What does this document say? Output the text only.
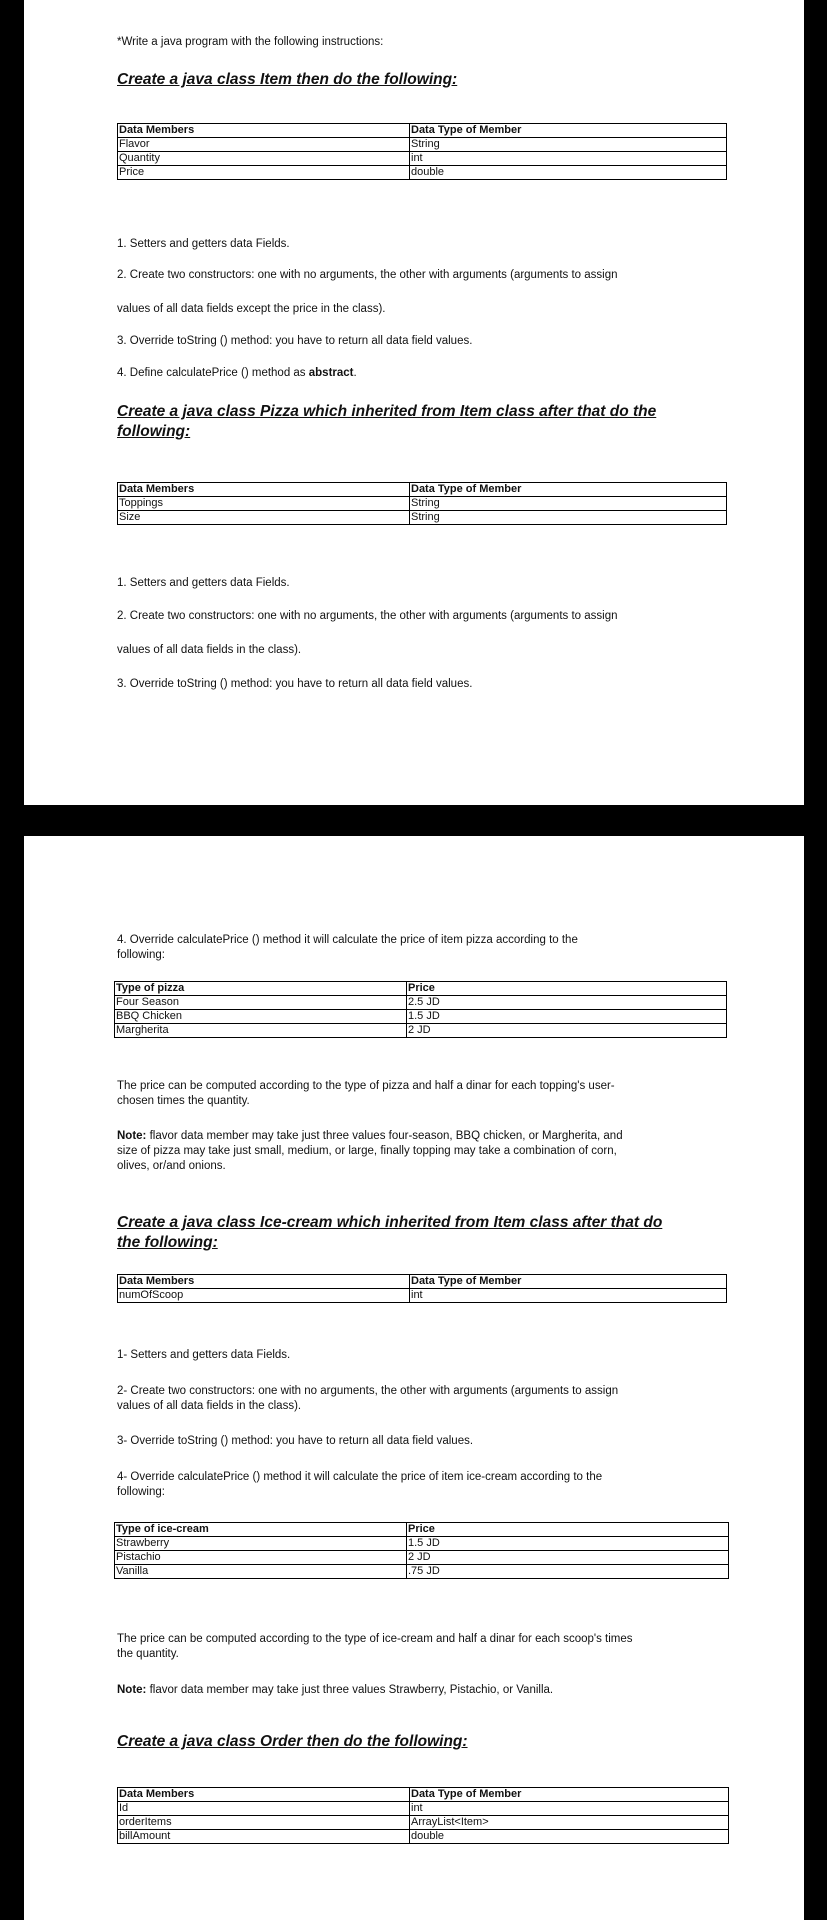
*Write a java program with the following instructions:

Create a java class Item then do the following:

Data Members	Data Type of Member
Flavor	String
Quantity	int
Price	double

1. Setters and getters data Fields.

2. Create two constructors: one with no arguments, the other with arguments (arguments to assign

values of all data fields except the price in the class).

3. Override toString () method: you have to return all data field values.

4. Define calculatePrice () method as abstract.

Create a java class Pizza which inherited from Item class after that do the

following:

Data Members	Data Type of Member
Toppings	String
Size	String

1. Setters and getters data Fields.

2. Create two constructors: one with no arguments, the other with arguments (arguments to assign

values of all data fields in the class).

3. Override toString () method: you have to return all data field values.

4. Override calculatePrice () method it will calculate the price of item pizza according to the

following:

Type of pizza	Price
Four Season	2.5 JD
BBQ Chicken	1.5 JD
Margherita	2 JD

The price can be computed according to the type of pizza and half a dinar for each topping's user-

chosen times the quantity.

Note: flavor data member may take just three values four-season, BBQ chicken, or Margherita, and

size of pizza may take just small, medium, or large, finally topping may take a combination of corn,

olives, or/and onions.

Create a java class Ice-cream which inherited from Item class after that do

the following:

Data Members	Data Type of Member
numOfScoop	int

1- Setters and getters data Fields.

2- Create two constructors: one with no arguments, the other with arguments (arguments to assign

values of all data fields in the class).

3- Override toString () method: you have to return all data field values.

4- Override calculatePrice () method it will calculate the price of item ice-cream according to the

following:

Type of ice-cream	Price
Strawberry	1.5 JD
Pistachio	2 JD
Vanilla	.75 JD

The price can be computed according to the type of ice-cream and half a dinar for each scoop's times

the quantity.

Note: flavor data member may take just three values Strawberry, Pistachio, or Vanilla.

Create a java class Order then do the following:

Data Members	Data Type of Member
Id	int
orderItems	ArrayList<Item>
billAmount	double
